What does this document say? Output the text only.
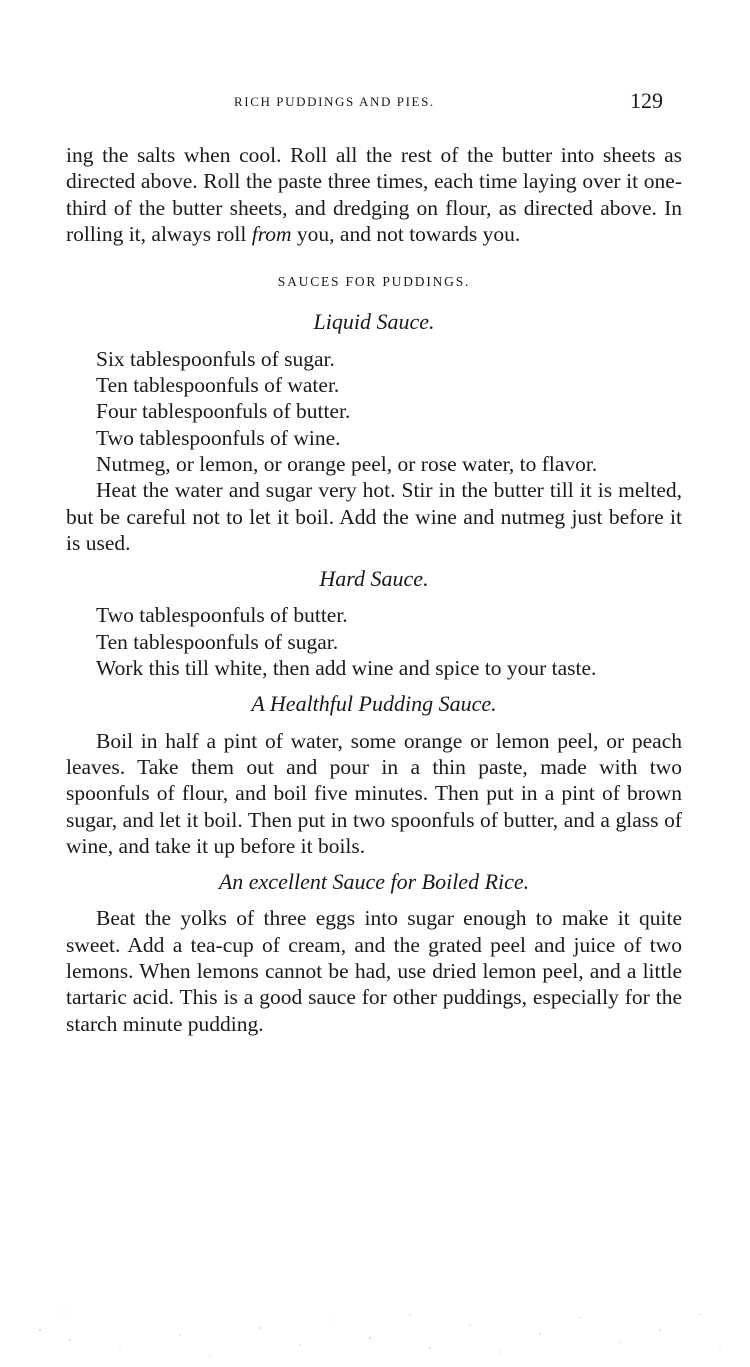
RICH PUDDINGS AND PIES.	129

ing the salts when cool. Roll all the rest of the butter into sheets as directed above. Roll the paste three times, each time laying over it one-third of the butter sheets, and dredging on flour, as directed above. In rolling it, always roll from you, and not towards you.

SAUCES FOR PUDDINGS.
Liquid Sauce.

Six tablespoonfuls of sugar.

Ten tablespoonfuls of water.

Four tablespoonfuls of butter.

Two tablespoonfuls of wine.

Nutmeg, or lemon, or orange peel, or rose water, to flavor.

Heat the water and sugar very hot. Stir in the butter till it is melted, but be careful not to let it boil. Add the wine and nutmeg just before it is used.

Hard Sauce.

Two tablespoonfuls of butter.

Ten tablespoonfuls of sugar.

Work this till white, then add wine and spice to your taste.

A Healthful Pudding Sauce.

Boil in half a pint of water, some orange or lemon peel, or peach leaves. Take them out and pour in a thin paste, made with two spoonfuls of flour, and boil five minutes. Then put in a pint of brown sugar, and let it boil. Then put in two spoonfuls of butter, and a glass of wine, and take it up before it boils.

An excellent Sauce for Boiled Rice.

Beat the yolks of three eggs into sugar enough to make it quite sweet. Add a tea-cup of cream, and the grated peel and juice of two lemons. When lemons cannot be had, use dried lemon peel, and a little tartaric acid. This is a good sauce for other puddings, especially for the starch minute pudding.
